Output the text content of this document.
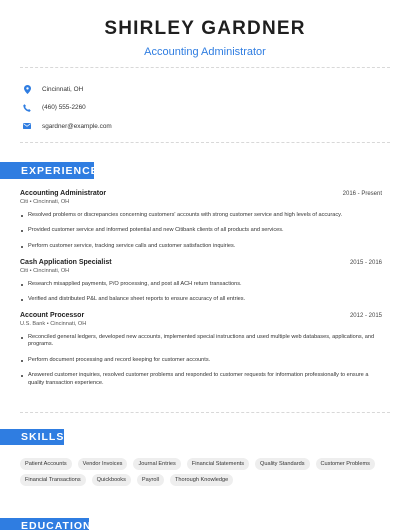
SHIRLEY GARDNER
Accounting Administrator
Cincinnati, OH
(460) 555-2260
sgardner@example.com
EXPERIENCE
Accounting Administrator	2016 - Present
Citi • Cincinnati, OH
Resolved problems or discrepancies concerning customers' accounts with strong customer service and high levels of accuracy.
Provided customer service and informed potential and new Citibank clients of all products and services.
Perform customer service, tracking service calls and customer satisfaction inquiries.
Cash Application Specialist	2015 - 2016
Citi • Cincinnati, OH
Research misapplied payments, P/O processing, and post all ACH return transactions.
Verified and distributed P&L and balance sheet reports to ensure accuracy of all entries.
Account Processor	2012 - 2015
U.S. Bank • Cincinnati, OH
Reconciled general ledgers, developed new accounts, implemented special instructions and used multiple web databases, applications, and programs.
Perform document processing and record keeping for customer accounts.
Answered customer inquiries, resolved customer problems and responded to customer requests for information professionally to ensure a quality transaction experience.
SKILLS
Patient Accounts	Vendor Invoices	Journal Entries	Financial Statements	Quality Standards	Customer Problems
Financial Transactions	Quickbooks	Payroll	Thorough Knowledge
EDUCATION
